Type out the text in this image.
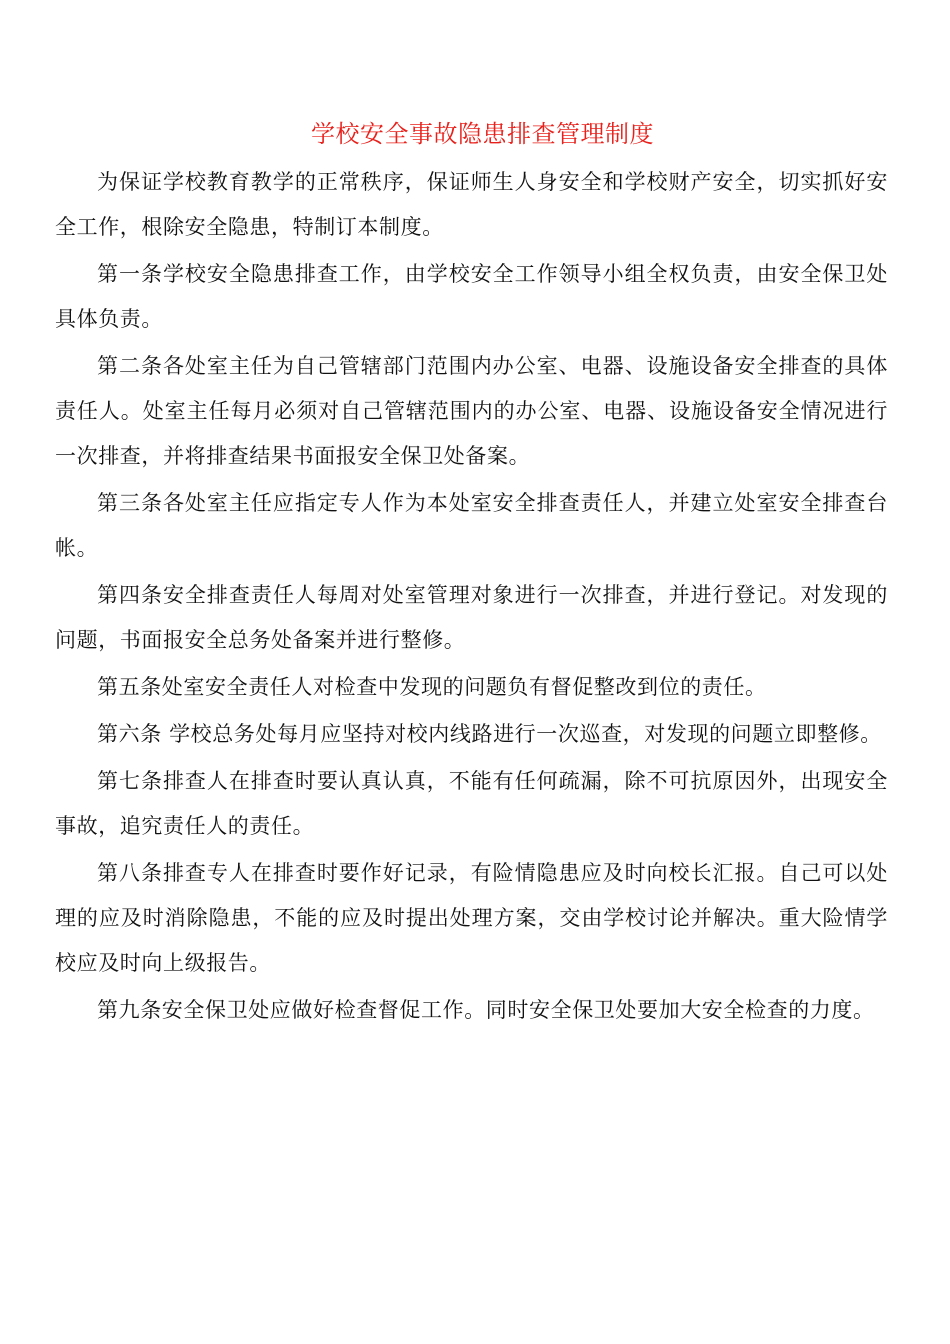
学校安全事故隐患排查管理制度

为保证学校教育教学的正常秩序，保证师生人身安全和学校财产安全，切实抓好安全工作，根除安全隐患，特制订本制度。

第一条学校安全隐患排查工作，由学校安全工作领导小组全权负责，由安全保卫处具体负责。

第二条各处室主任为自己管辖部门范围内办公室、电器、设施设备安全排查的具体责任人。处室主任每月必须对自己管辖范围内的办公室、电器、设施设备安全情况进行一次排查，并将排查结果书面报安全保卫处备案。

第三条各处室主任应指定专人作为本处室安全排查责任人，并建立处室安全排查台帐。

第四条安全排查责任人每周对处室管理对象进行一次排查，并进行登记。对发现的问题，书面报安全总务处备案并进行整修。

第五条处室安全责任人对检查中发现的问题负有督促整改到位的责任。

第六条 学校总务处每月应坚持对校内线路进行一次巡查，对发现的问题立即整修。

第七条排查人在排查时要认真认真，不能有任何疏漏，除不可抗原因外，出现安全事故，追究责任人的责任。

第八条排查专人在排查时要作好记录，有险情隐患应及时向校长汇报。自己可以处理的应及时消除隐患，不能的应及时提出处理方案，交由学校讨论并解决。重大险情学校应及时向上级报告。

第九条安全保卫处应做好检查督促工作。同时安全保卫处要加大安全检查的力度。
